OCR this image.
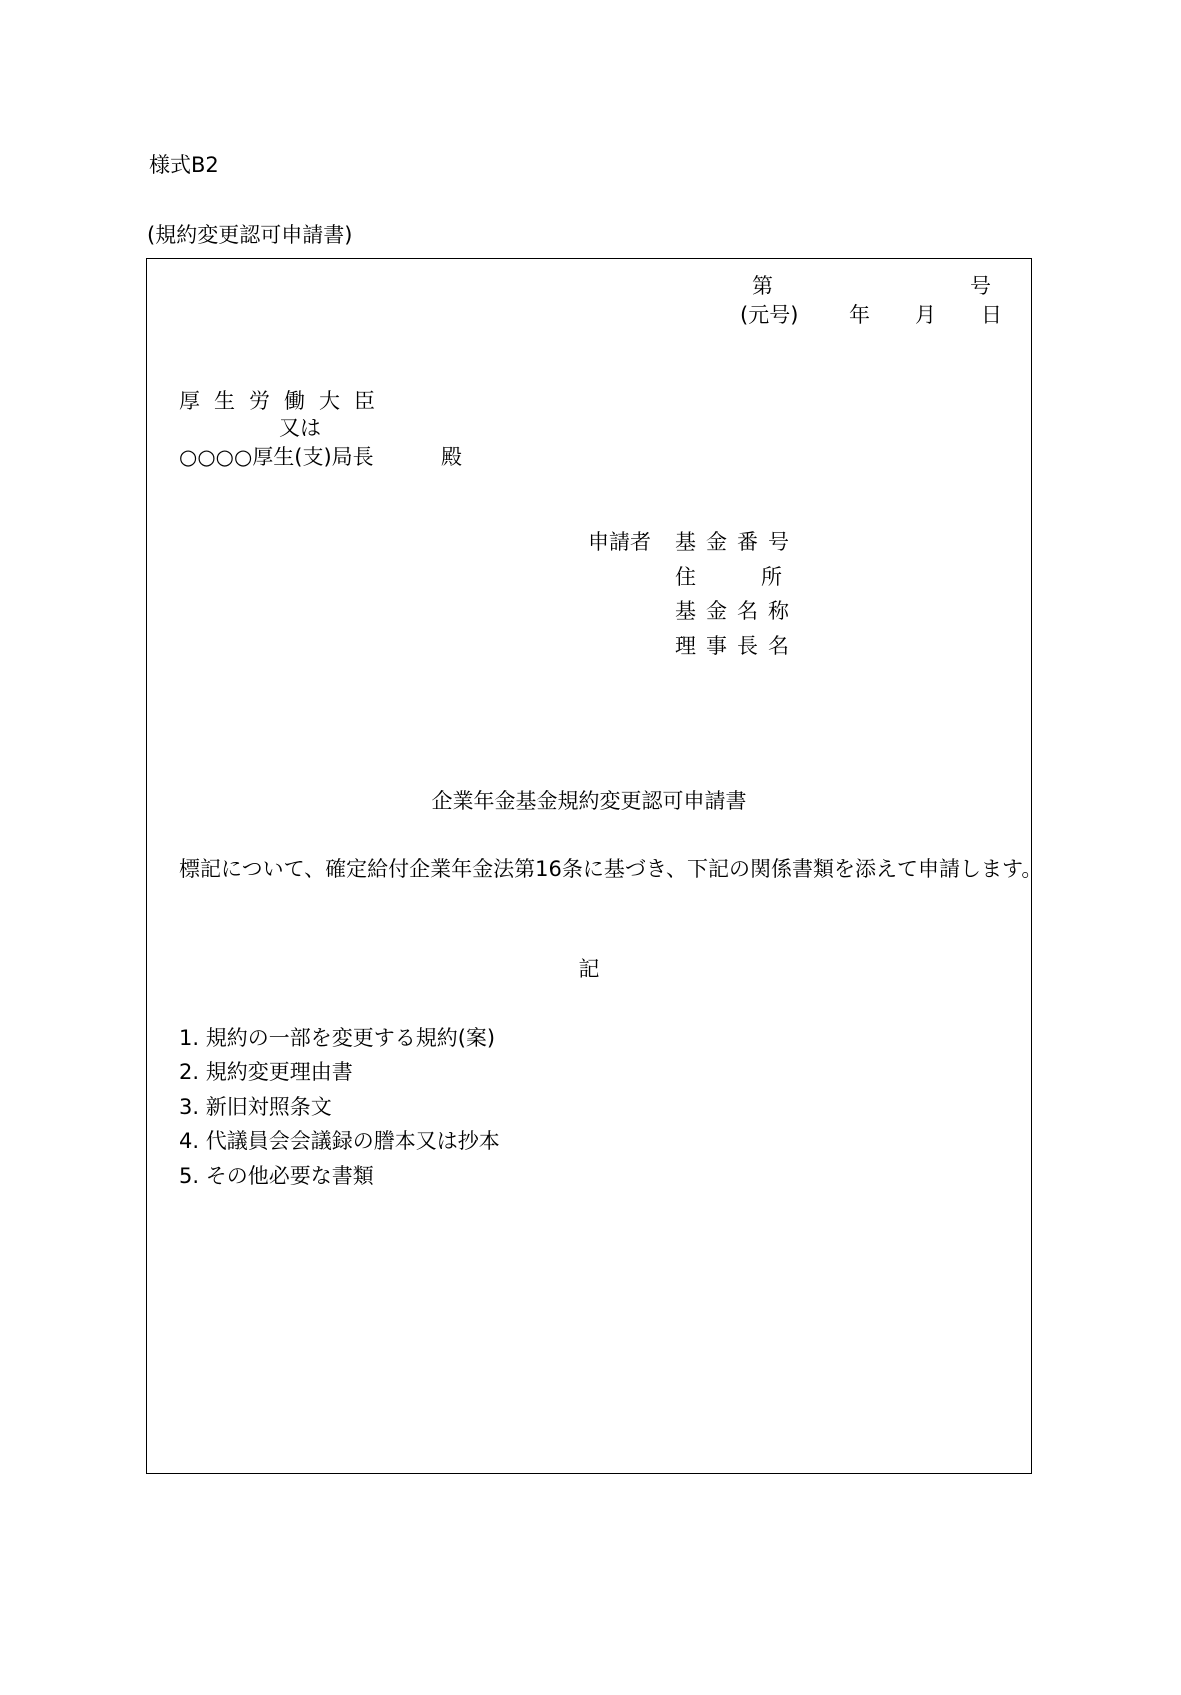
様式B2
(規約変更認可申請書)
第	号
(元号) 年 月 日
厚生労働大臣
又は
○○○○厚生(支)局長	殿
申請者 基金番号
住　所
基金名称
理事長名
企業年金基金規約変更認可申請書
標記について、確定給付企業年金法第16条に基づき、下記の関係書類を添えて申請します。
記
1. 規約の一部を変更する規約(案)
2. 規約変更理由書
3. 新旧対照条文
4. 代議員会会議録の謄本又は抄本
5. その他必要な書類
